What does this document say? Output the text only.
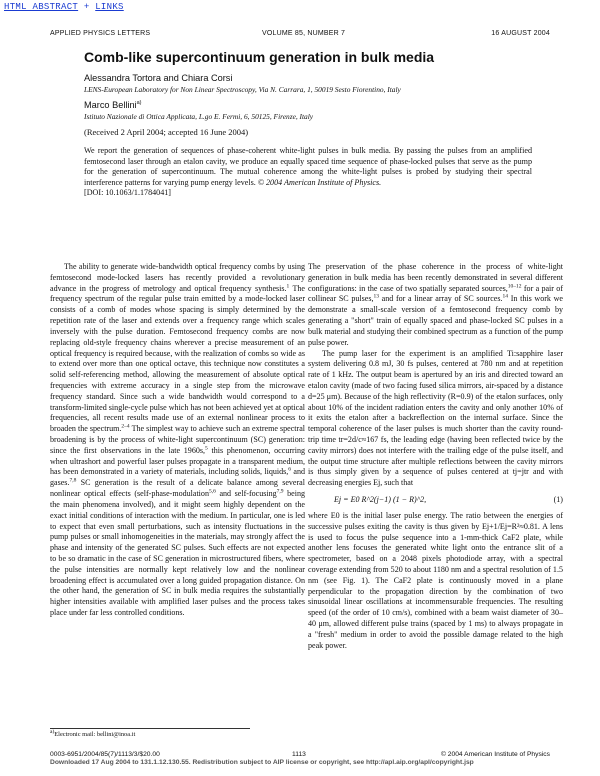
HTML ABSTRACT + LINKS
APPLIED PHYSICS LETTERS	VOLUME 85, NUMBER 7	16 AUGUST 2004
Comb-like supercontinuum generation in bulk media
Alessandra Tortora and Chiara Corsi
LENS-European Laboratory for Non Linear Spectroscopy, Via N. Carrara, 1, 50019 Sesto Fiorentino, Italy
Marco Bellini$^{a)}$
Istituto Nazionale di Ottica Applicata, L.go E. Fermi, 6, 50125, Firenze, Italy
(Received 2 April 2004; accepted 16 June 2004)

We report the generation of sequences of phase-coherent white-light pulses in bulk media. By passing the pulses from an amplified femtosecond laser through an etalon cavity, we produce an equally spaced time sequence of phase-locked pulses that serve as the pump for the generation of supercontinuum. The mutual coherence among the white-light pulses is probed by studying their spectral interference patterns for varying pump energy levels. © 2004 American Institute of Physics.
[DOI: 10.1063/1.1784041]

The ability to generate wide-bandwidth optical frequency combs by using femtosecond mode-locked lasers has recently provided a revolutionary advance in the progress of metrology and optical frequency synthesis.$^1$ The frequency spectrum of the regular pulse train emitted by a mode-locked laser consists of a comb of modes whose spacing is simply determined by the repetition rate of the laser and extends over a frequency range which scales inversely with the pulse duration. Femtosecond frequency combs are now replacing old-style frequency chains wherever a precise measurement of an optical frequency is required because, with the realization of combs so wide as to extend over more than one optical octave, this technique now constitutes a solid self-referencing method, allowing the measurement of absolute optical frequencies with extreme accuracy in a single step from the microwave frequency standard. Since such a wide bandwidth would correspond to a transform-limited single-cycle pulse which has not been achieved yet at optical frequencies, all recent results made use of an external nonlinear process to broaden the spectrum.$^{2-4}$ The simplest way to achieve such an extreme spectral broadening is by the process of white-light supercontinuum (SC) generation: since the first observations in the late 1960s,$^5$ this phenomenon, occurring when ultrashort and powerful laser pulses propagate in a transparent medium, has been demonstrated in a variety of materials, including solids, liquids,$^6$ and gases.$^{7,8}$ SC generation is the result of a delicate balance among several nonlinear optical effects (self-phase-modulation$^{5,6}$ and self-focusing$^{7,9}$ being the main phenomena involved), and it might seem highly dependent on the exact initial conditions of interaction with the medium. In particular, one is led to expect that even small perturbations, such as intensity fluctuations in the pump pulses or small inhomogeneities in the materials, may strongly affect the phase and intensity of the generated SC pulses. Such effects are not expected to be so dramatic in the case of SC generation in microstructured fibers, where the pulse intensities are normally kept relatively low and the nonlinear broadening effect is accumulated over a long guided propagation distance. On the other hand, the generation of SC in bulk media requires the substantially higher intensities available with amplified laser pulses and the process takes place under far less controlled conditions.

The preservation of the phase coherence in the process of white-light generation in bulk media has been recently demonstrated in several different configurations: in the case of two spatially separated sources,$^{10-12}$ for a pair of collinear SC pulses,$^{13}$ and for a linear array of SC sources.$^{14}$ In this work we demonstrate a small-scale version of a femtosecond frequency comb by generating a "short" train of equally spaced and phase-locked SC pulses in a bulk material and studying their combined spectrum as a function of the pump pulse power.

The pump laser for the experiment is an amplified Ti:sapphire laser system delivering 0.8 mJ, 30 fs pulses, centered at 780 nm and at repetition rate of 1 kHz. The output beam is apertured by an iris and directed toward an etalon cavity (made of two facing fused silica mirrors, air-spaced by a distance d=25 μm). Because of the high reflectivity (R=0.9) of the etalon surfaces, only about 10% of the incident radiation enters the cavity and only another 10% of it exits the etalon after a backreflection on the internal surface. Since the temporal coherence of the laser pulses is much shorter than the cavity round-trip time tr=2d/c≈167 fs, the leading edge (having been reflected twice by the cavity mirrors) does not interfere with the trailing edge of the pulse itself, and the output time structure after multiple reflections between the cavity mirrors is thus simply given by a sequence of pulses centered at tj=jtr and with decreasing energies Ej, such that

Ej = E0 R^2(j−1) (1 − R)^2,	(1)

where E0 is the initial laser pulse energy. The ratio between the energies of successive pulses exiting the cavity is thus given by Ej+1/Ej=R²≈0.81. A lens is used to focus the pulse sequence into a 1-mm-thick CaF2 plate, while another lens focuses the generated white light onto the entrance slit of a spectrometer, based on a 2048 pixels photodiode array, with a spectral coverage extending from 520 to about 1180 nm and a spectral resolution of 1.5 nm (see Fig. 1). The CaF2 plate is continuously moved in a plane perpendicular to the propagation direction by the combination of two sinusoidal linear oscillations at incommensurable frequencies. The resulting speed (of the order of 10 cm/s), combined with a beam waist diameter of 30–40 μm, allowed different pulse trains (spaced by 1 ms) to always propagate in a "fresh" medium in order to avoid the possible damage related to the high peak power.

$^{a)}$Electronic mail: bellini@inoa.it
0003-6951/2004/85(7)/1113/3/$20.00	1113	© 2004 American Institute of Physics
Downloaded 17 Aug 2004 to 131.1.12.130.55. Redistribution subject to AIP license or copyright, see http://apl.aip.org/apl/copyright.jsp
